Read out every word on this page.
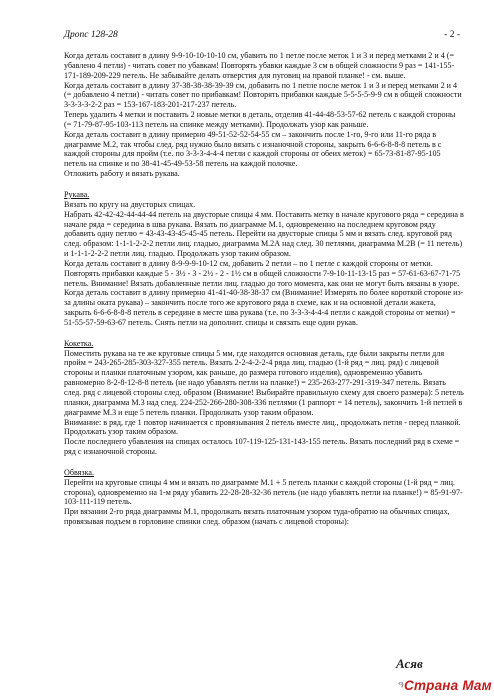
Дропс 128-28	- 2 -

Когда деталь составит в длину 9-9-10-10-10-10 см, убавить по 1 петле после меток 1 и 3 и перед метками 2 и 4 (= убавлено 4 петли) - читать совет по убавкам! Повторять убавки каждые 3 см в общей сложности 9 раз = 141-155-171-189-209-229 петель. Не забывайте делать отверстия для пуговиц на правой планке! - см. выше.

Когда деталь составит в длину 37-38-38-38-39-39 см, добавить по 1 петле после меток 1 и 3 и перед метками 2 и 4 (= добавлено 4 петли) - читать совет по прибавкам! Повторять прибавки каждые 5-5-5-5-9-9 см в общей сложности 3-3-3-3-2-2 раз = 153-167-183-201-217-237 петель.

Теперь удалить 4 метки и поставить 2 новые метки в деталь, отделив 41-44-48-53-57-62 петель с каждой стороны (= 71-79-87-95-103-113 петель на спинке между метками). Продолжать узор как раньше.

Когда деталь составит в длину примерно 49-51-52-52-54-55 см – закончить после 1-го, 9-го или 11-го ряда в диаграмме М.2, так чтобы след. ряд нужно было вязать с изнаночной стороны, закрыть 6-6-6-8-8-8 петель в с каждой стороны для пройм (т.е. по 3-3-3-4-4-4 петли с каждой стороны от обеих меток) = 65-73-81-87-95-105 петель на спинке и по 38-41-45-49-53-58 петель на каждой полочке.

Отложить работу и вязать рукава.

Рукава.

Вязать по кругу на двусторых спицах.

Набрать 42-42-42-44-44-44 петель на двусторые спицы 4 мм. Поставить метку в начале кругового ряда = середина в начале ряда = середина в шва рукава. Вязать по диаграмме М.1, одновременно на последнем круговом ряду добавить одну петлю = 43-43-43-45-45-45 петель. Перейти на двусторые спицы 5 мм и вязать след. круговой ряд след. образом: 1-1-1-2-2-2 петли лиц. гладью, диаграмма М.2А над след. 30 петлями, диаграмма М.2В (= 11 петель) и 1-1-1-2-2-2 петли лиц. гладью. Продолжать узор таким образом.

Когда деталь составит в длину 8-9-9-9-10-12 см, добавить 2 петли – по 1 петле с каждой стороны от метки. Повторять прибавки каждые 5 - 3½ - 3 - 2½ - 2 - 1½ см в общей сложности 7-9-10-11-13-15 раз = 57-61-63-67-71-75 петель. Внимание! Вязать добавленные петли лиц. гладью до того момента, как они не могут быть вязаны в узоре. Когда деталь составит в длину примерно 41-41-40-38-38-37 см (Внимание! Измерять по более короткой стороне из-за длины оката рукава) – закончить после того же кругового ряда в схеме, как и на основной детали жакета, закрыть 6-6-6-8-8-8 петель в середине в месте шва рукава (т.е. по 3-3-3-4-4-4 петли с каждой стороны от метки) = 51-55-57-59-63-67 петель. Снять петли на дополнит. спицы и связать еще один рукав.

Кокетка.

Поместить рукава на те же круговые спицы 5 мм, где находится основная деталь, где были закрыты петли для пройм = 243-265-285-303-327-355 петель. Вязать 2-2-4-2-2-4 ряда лиц. гладью (1-й ряд = лиц. ряд) с лицевой стороны и планки платочным узором, как раньше, до размера готового изделия), одновременно убавить равномерно 8-2-8-12-8-8 петель (не надо убавлять петли на планке!) = 235-263-277-291-319-347 петель. Вязать след. ряд с лицевой стороны след. образом (Внимание! Выбирайте правильную схему для своего размера): 5 петель планки, диаграмма М.3 над след. 224-252-266-280-308-336 петлями (1 раппорт = 14 петель), закончить 1-й петлей в диаграмме М.3 и еще 5 петель планки. Продолжать узор таким образом.

Внимание: в ряд, где 1 повтор начинается с провязывания 2 петель вместе лиц., продолжать петля - перед планкой. Продолжать узор таким образом.

После последнего убавления на спицах осталось 107-119-125-131-143-155 петель. Вязать последний ряд в схеме = ряд с изнаночной стороны.

Обвязка.

Перейти на круговые спицы 4 мм и вязать по диаграмме М.1 + 5 петель планки с каждой стороны (1-й ряд = лиц. сторона), одновременно на 1-м ряду убавить 22-28-28-32-36 петель (не надо убавлять петли на планке!) = 85-91-97-103-111-119 петель.

При вязании 2-го ряда диаграммы М.1, продолжать вязать платочным узором туда-обратно на обычных спицах, провязывая подъем в горловине спинки след. образом (начать с лицевой стороны):

Асяв
ዓ Страна Мам
